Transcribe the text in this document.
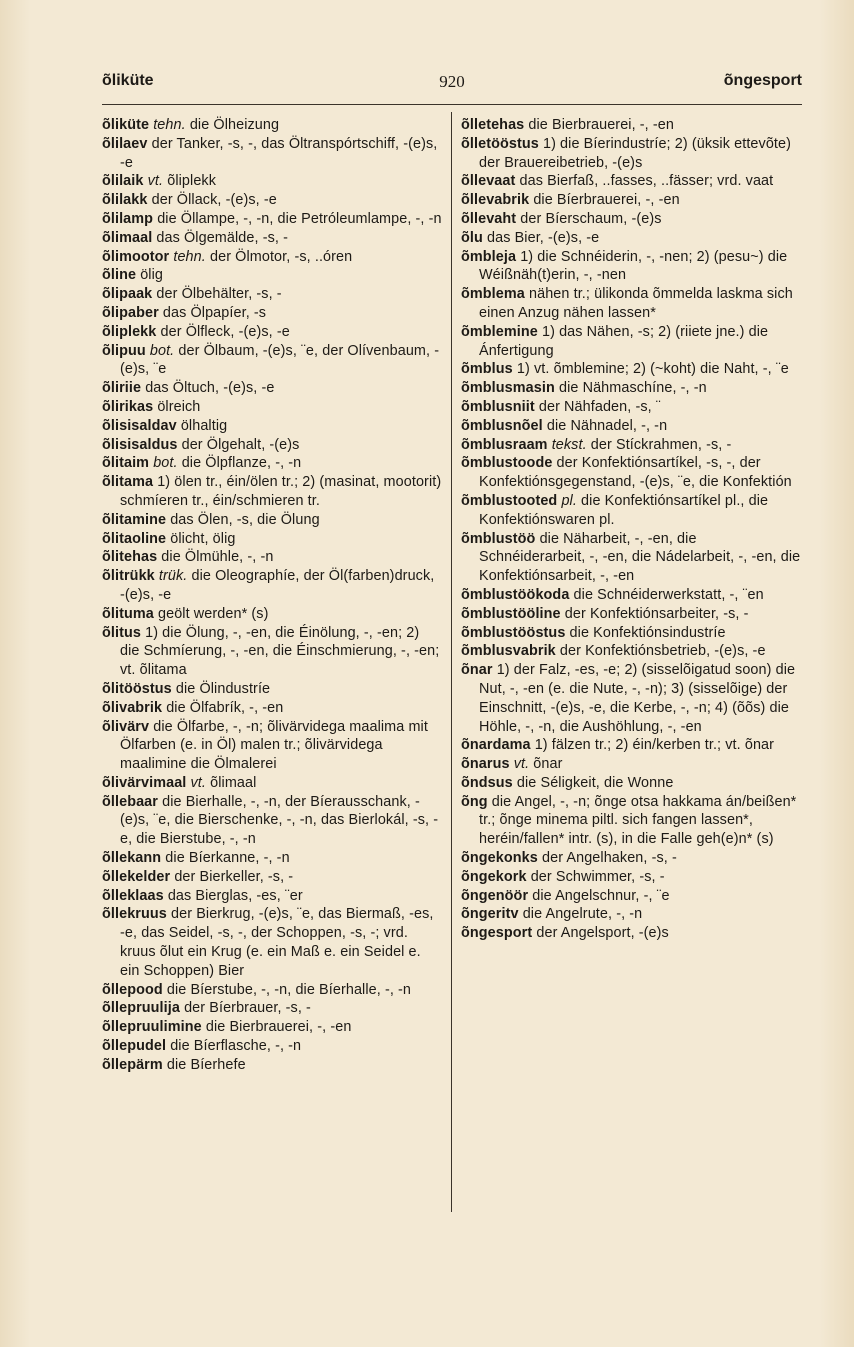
õliküte	920	õngesport
õliküte tehn. die Ölheizung
õlilaev der Tanker, -s, -, das Öltranspórtschiff, -(e)s, -e
õlilaik vt. õliplekk
õlilakk der Öllack, -(e)s, -e
õlilamp die Öllampe, -, -n, die Petróleumlampe, -, -n
õlimaal das Ölgemälde, -s, -
õlimootor tehn. der Ölmotor, -s, ..óren
õline ölig
õlipaak der Ölbehälter, -s, -
õlipaber das Ölpapíer, -s
õliplekk der Ölfleck, -(e)s, -e
õlipuu bot. der Ölbaum, -(e)s, ¨e, der Olívenbaum, -(e)s, ¨e
õliriie das Öltuch, -(e)s, -e
õlirikas ölreich
õlisisaldav ölhaltig
õlisisaldus der Ölgehalt, -(e)s
õlitaim bot. die Ölpflanze, -, -n
õlitama 1) ölen tr., éin/ölen tr.; 2) (masinat, mootorit) schmíeren tr., éin/schmieren tr.
õlitamine das Ölen, -s, die Ölung
õlitaoline ölicht, ölig
õlitehas die Ölmühle, -, -n
õlitrükk trük. die Oleographíe, der Öl(farben)druck, -(e)s, -e
õlituma geölt werden* (s)
õlitus 1) die Ölung, -, -en, die Éinölung, -, -en; 2) die Schmíerung, -, -en, die Éinschmierung, -, -en; vt. õlitama
õlitööstus die Ölindustríe
õlivabrik die Ölfabrík, -, -en
õlivärv die Ölfarbe, -, -n; õlivärvidega maalima mit Ölfarben (e. in Öl) malen tr.; õlivärvidega maalimine die Ölmalerei
õlivärvimaal vt. õlimaal
õllebaar die Bierhalle, -, -n, der Bíerausschank, -(e)s, ¨e, die Bierschenke, -, -n, das Bierlokál, -s, -e, die Bierstube, -, -n
õllekann die Bíerkanne, -, -n
õllekelder der Bierkeller, -s, -
õlleklaas das Bierglas, -es, ¨er
õllekruus der Bierkrug, -(e)s, ¨e, das Biermaß, -es, -e, das Seidel, -s, -, der Schoppen, -s, -; vrd. kruus õlut ein Krug (e. ein Maß e. ein Seidel e. ein Schoppen) Bier
õllepood die Bíerstube, -, -n, die Bíerhalle, -, -n
õllepruulija der Bíerbrauer, -s, -
õllepruulimine die Bierbrauerei, -, -en
õllepudel die Bíerflasche, -, -n
õllepärm die Bíerhefe
õlletehas die Bierbrauerei, -, -en
õlletööstus 1) die Bíerindustríe; 2) (üksik ettevõte) der Brauereibetrieb, -(e)s
õllevaat das Bierfaß, ..fasses, ..fässer; vrd. vaat
õllevabrik die Bíerbrauerei, -, -en
õllevaht der Bíerschaum, -(e)s
õlu das Bier, -(e)s, -e
õmbleja 1) die Schnéiderin, -, -nen; 2) (pesu~) die Wéißnäh(t)erin, -, -nen
õmblema nähen tr.; ülikonda õmmelda laskma sich einen Anzug nähen lassen*
õmblemine 1) das Nähen, -s; 2) (riiete jne.) die Ánfertigung
õmblus 1) vt. õmblemine; 2) (~koht) die Naht, -, ¨e
õmblusmasin die Nähmaschíne, -, -n
õmblusniit der Nähfaden, -s, ¨
õmblusnõel die Nähnadel, -, -n
õmblusraam tekst. der Stíckrahmen, -s, -
õmblustoode der Konfektiónsartíkel, -s, -, der Konfektiónsgegenstand, -(e)s, ¨e, die Konfektión
õmblustooted pl. die Konfektiónsartíkel pl., die Konfektiónswaren pl.
õmblustöö die Näharbeit, -, -en, die Schnéiderarbeit, -, -en, die Nádelarbeit, -, -en, die Konfektiónsarbeit, -, -en
õmblustöökoda die Schnéiderwerkstatt, -, ¨en
õmblustööline der Konfektiónsarbeiter, -s, -
õmblustööstus die Konfektiónsindustríe
õmblusvabrik der Konfektiónsbetrieb, -(e)s, -e
õnar 1) der Falz, -es, -e; 2) (sisselõigatud soon) die Nut, -, -en (e. die Nute, -, -n); 3) (sisselõige) der Einschnitt, -(e)s, -e, die Kerbe, -, -n; 4) (õõs) die Höhle, -, -n, die Aushöhlung, -, -en
õnardama 1) fälzen tr.; 2) éin/kerben tr.; vt. õnar
õnarus vt. õnar
õndsus die Séligkeit, die Wonne
õng die Angel, -, -n; õnge otsa hakkama án/beißen* tr.; õnge minema piltl. sich fangen lassen*, heréin/fallen* intr. (s), in die Falle geh(e)n* (s)
õngekonks der Angelhaken, -s, -
õngekork der Schwimmer, -s, -
õngenöör die Angelschnur, -, ¨e
õngeritv die Angelrute, -, -n
õngesport der Angelsport, -(e)s
